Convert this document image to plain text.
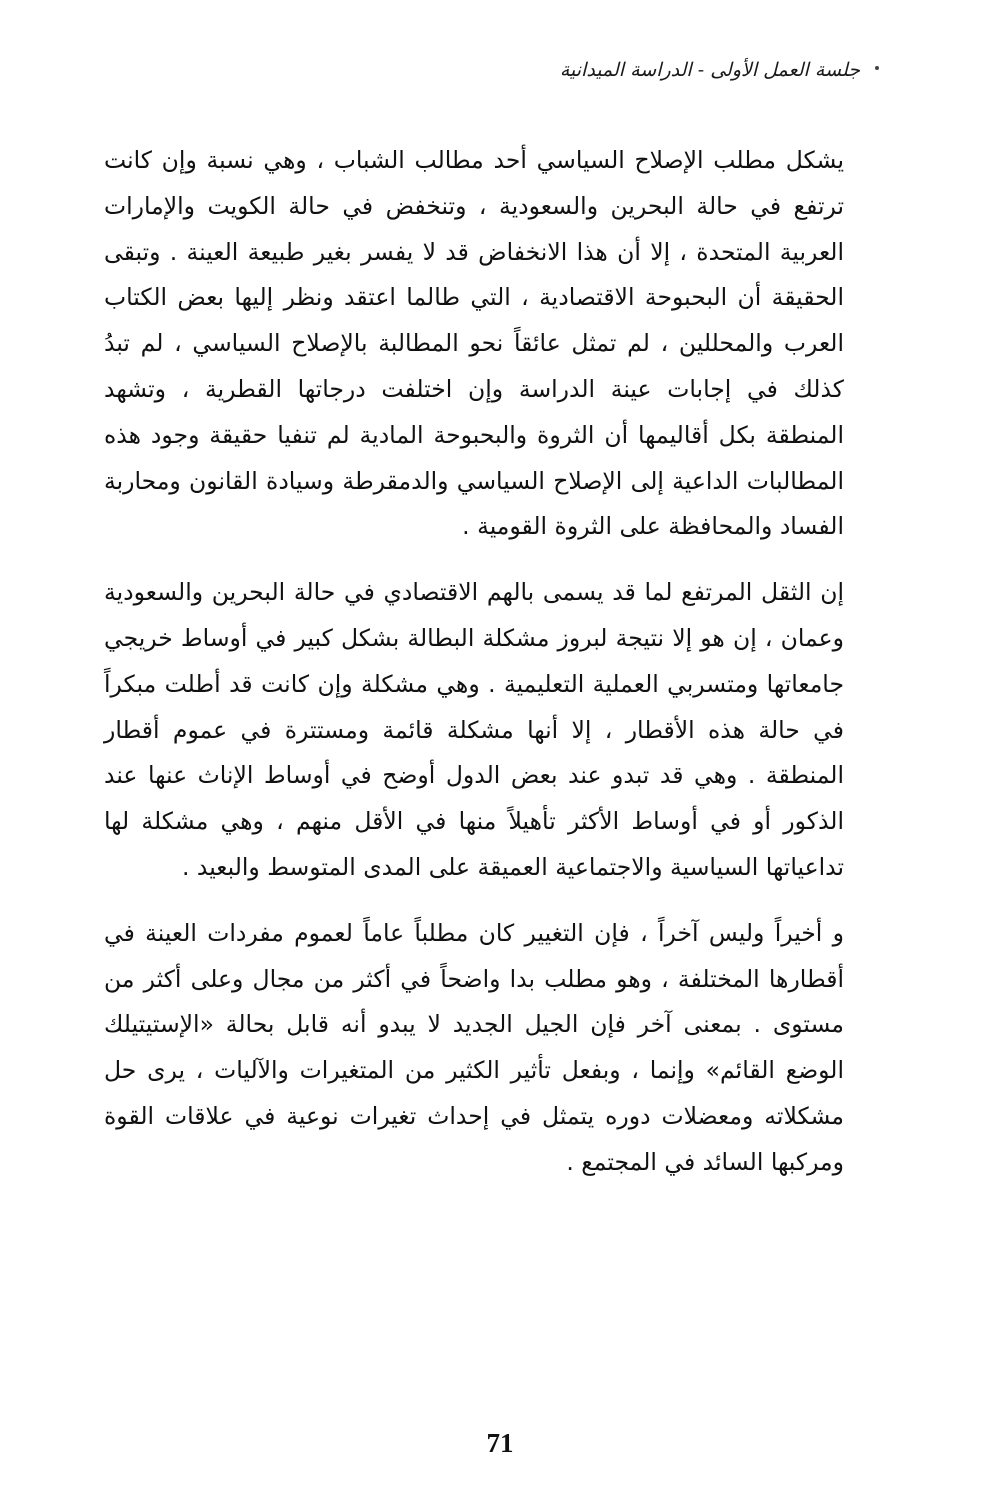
جلسة العمل الأولى - الدراسة الميدانية

يشكل مطلب الإصلاح السياسي أحد مطالب الشباب ، وهي نسبة وإن كانت ترتفع في حالة البحرين والسعودية ، وتنخفض في حالة الكويت والإمارات العربية المتحدة ، إلا أن هذا الانخفاض قد لا يفسر بغير طبيعة العينة . وتبقى الحقيقة أن البحبوحة الاقتصادية ، التي طالما اعتقد ونظر إليها بعض الكتاب العرب والمحللين ، لم تمثل عائقاً نحو المطالبة بالإصلاح السياسي ، لم تبدُ كذلك في إجابات عينة الدراسة وإن اختلفت درجاتها القطرية ، وتشهد المنطقة بكل أقاليمها أن الثروة والبحبوحة المادية لم تنفيا حقيقة وجود هذه المطالبات الداعية إلى الإصلاح السياسي والدمقرطة وسيادة القانون ومحاربة الفساد والمحافظة على الثروة القومية .

إن الثقل المرتفع لما قد يسمى بالهم الاقتصادي في حالة البحرين والسعودية وعمان ، إن هو إلا نتيجة لبروز مشكلة البطالة بشكل كبير في أوساط خريجي جامعاتها ومتسربي العملية التعليمية . وهي مشكلة وإن كانت قد أطلت مبكراً في حالة هذه الأقطار ، إلا أنها مشكلة قائمة ومستترة في عموم أقطار المنطقة . وهي قد تبدو عند بعض الدول أوضح في أوساط الإناث عنها عند الذكور أو في أوساط الأكثر تأهيلاً منها في الأقل منهم ، وهي مشكلة لها تداعياتها السياسية والاجتماعية العميقة على المدى المتوسط والبعيد .

و أخيراً وليس آخراً ، فإن التغيير كان مطلباً عاماً لعموم مفردات العينة في أقطارها المختلفة ، وهو مطلب بدا واضحاً في أكثر من مجال وعلى أكثر من مستوى . بمعنى آخر فإن الجيل الجديد لا يبدو أنه قابل بحالة «الإستيتيلك الوضع القائم» وإنما ، وبفعل تأثير الكثير من المتغيرات والآليات ، يرى حل مشكلاته ومعضلات دوره يتمثل في إحداث تغيرات نوعية في علاقات القوة ومركبها السائد في المجتمع .

71
